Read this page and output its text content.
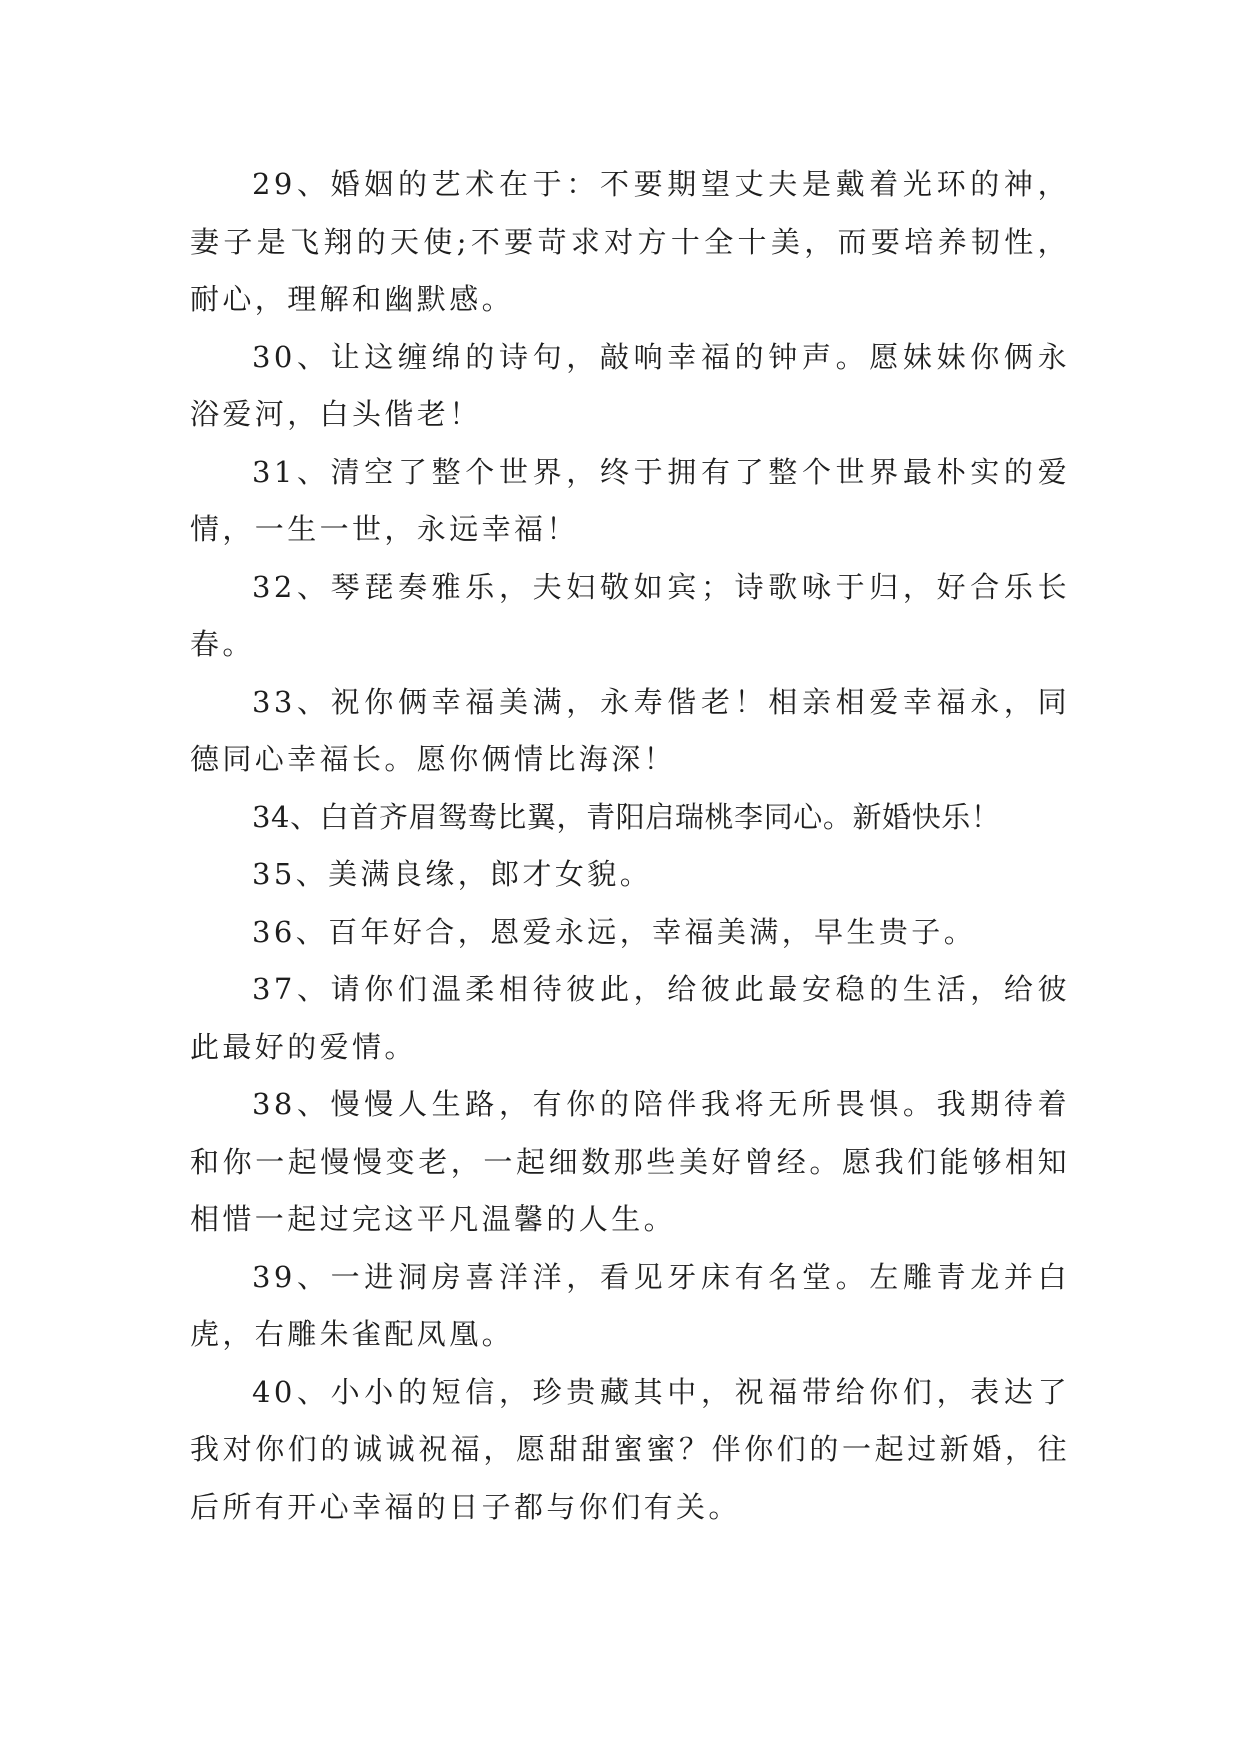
29、婚姻的艺术在于：不要期望丈夫是戴着光环的神，妻子是飞翔的天使;不要苛求对方十全十美，而要培养韧性，耐心，理解和幽默感。

30、让这缠绵的诗句，敲响幸福的钟声。愿妹妹你俩永浴爱河，白头偕老！

31、清空了整个世界，终于拥有了整个世界最朴实的爱情，一生一世，永远幸福！

32、琴琵奏雅乐，夫妇敬如宾；诗歌咏于归，好合乐长春。

33、祝你俩幸福美满，永寿偕老！相亲相爱幸福永，同德同心幸福长。愿你俩情比海深！

34、白首齐眉鸳鸯比翼，青阳启瑞桃李同心。新婚快乐！

35、美满良缘，郎才女貌。

36、百年好合，恩爱永远，幸福美满，早生贵子。

37、请你们温柔相待彼此，给彼此最安稳的生活，给彼此最好的爱情。

38、慢慢人生路，有你的陪伴我将无所畏惧。我期待着和你一起慢慢变老，一起细数那些美好曾经。愿我们能够相知相惜一起过完这平凡温馨的人生。

39、一进洞房喜洋洋，看见牙床有名堂。左雕青龙并白虎，右雕朱雀配凤凰。

40、小小的短信，珍贵藏其中，祝福带给你们，表达了我对你们的诚诚祝福，愿甜甜蜜蜜？伴你们的一起过新婚，往后所有开心幸福的日子都与你们有关。
